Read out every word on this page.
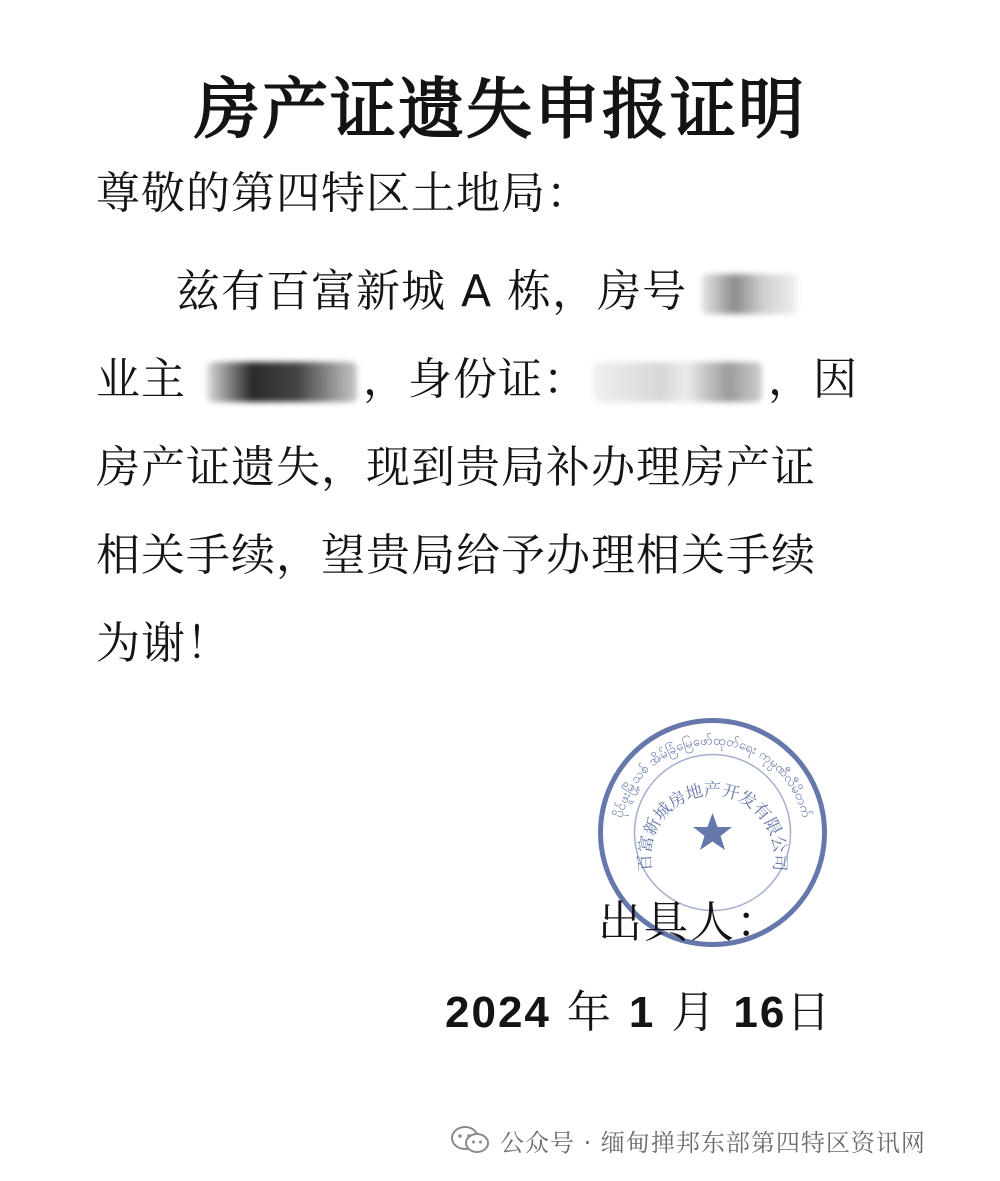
房产证遗失申报证明
尊敬的第四特区土地局：
兹有百富新城 A 栋，房号
业主	，身份证：	，因
房产证遗失，现到贵局补办理房产证
相关手续，望贵局给予办理相关手续
为谢！
ပိုင်ဖူးမြို့သစ် အိမ်ခြံမြေဖော်ထုတ်ရေး ကုမ္ပဏီလီမိတက်
百富新城房地产开发有限公司
出具人：
2024 年 1 月 16日
公众号 · 缅甸掸邦东部第四特区资讯网
